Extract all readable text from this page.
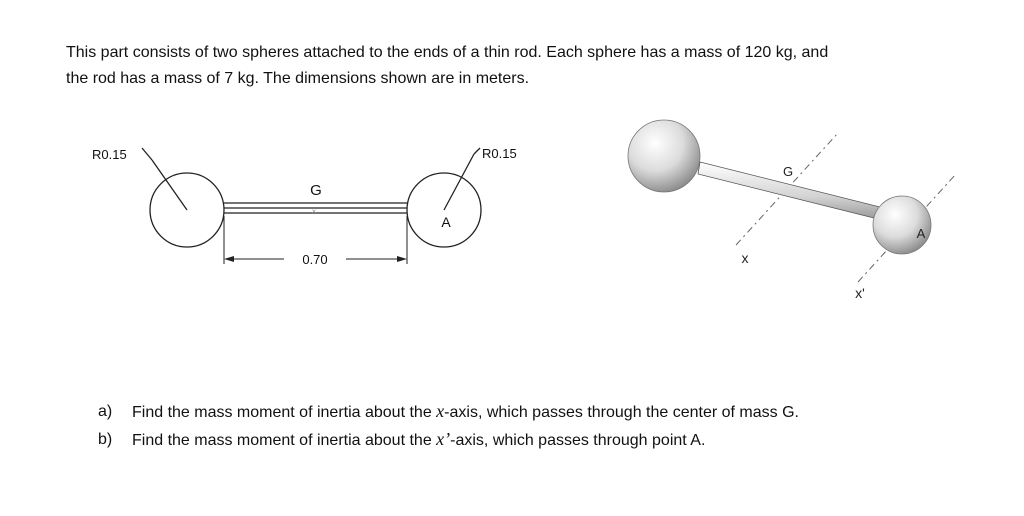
This part consists of two spheres attached to the ends of a thin rod. Each sphere has a mass of 120 kg, and

the rod has a mass of 7 kg. The dimensions shown are in meters.

×
R0.15	R0.15
0.70
G
A
G
A
x
x'
a)	Find the mass moment of inertia about the x-axis, which passes through the center of mass G.
b)	Find the mass moment of inertia about the x’-axis, which passes through point A.
